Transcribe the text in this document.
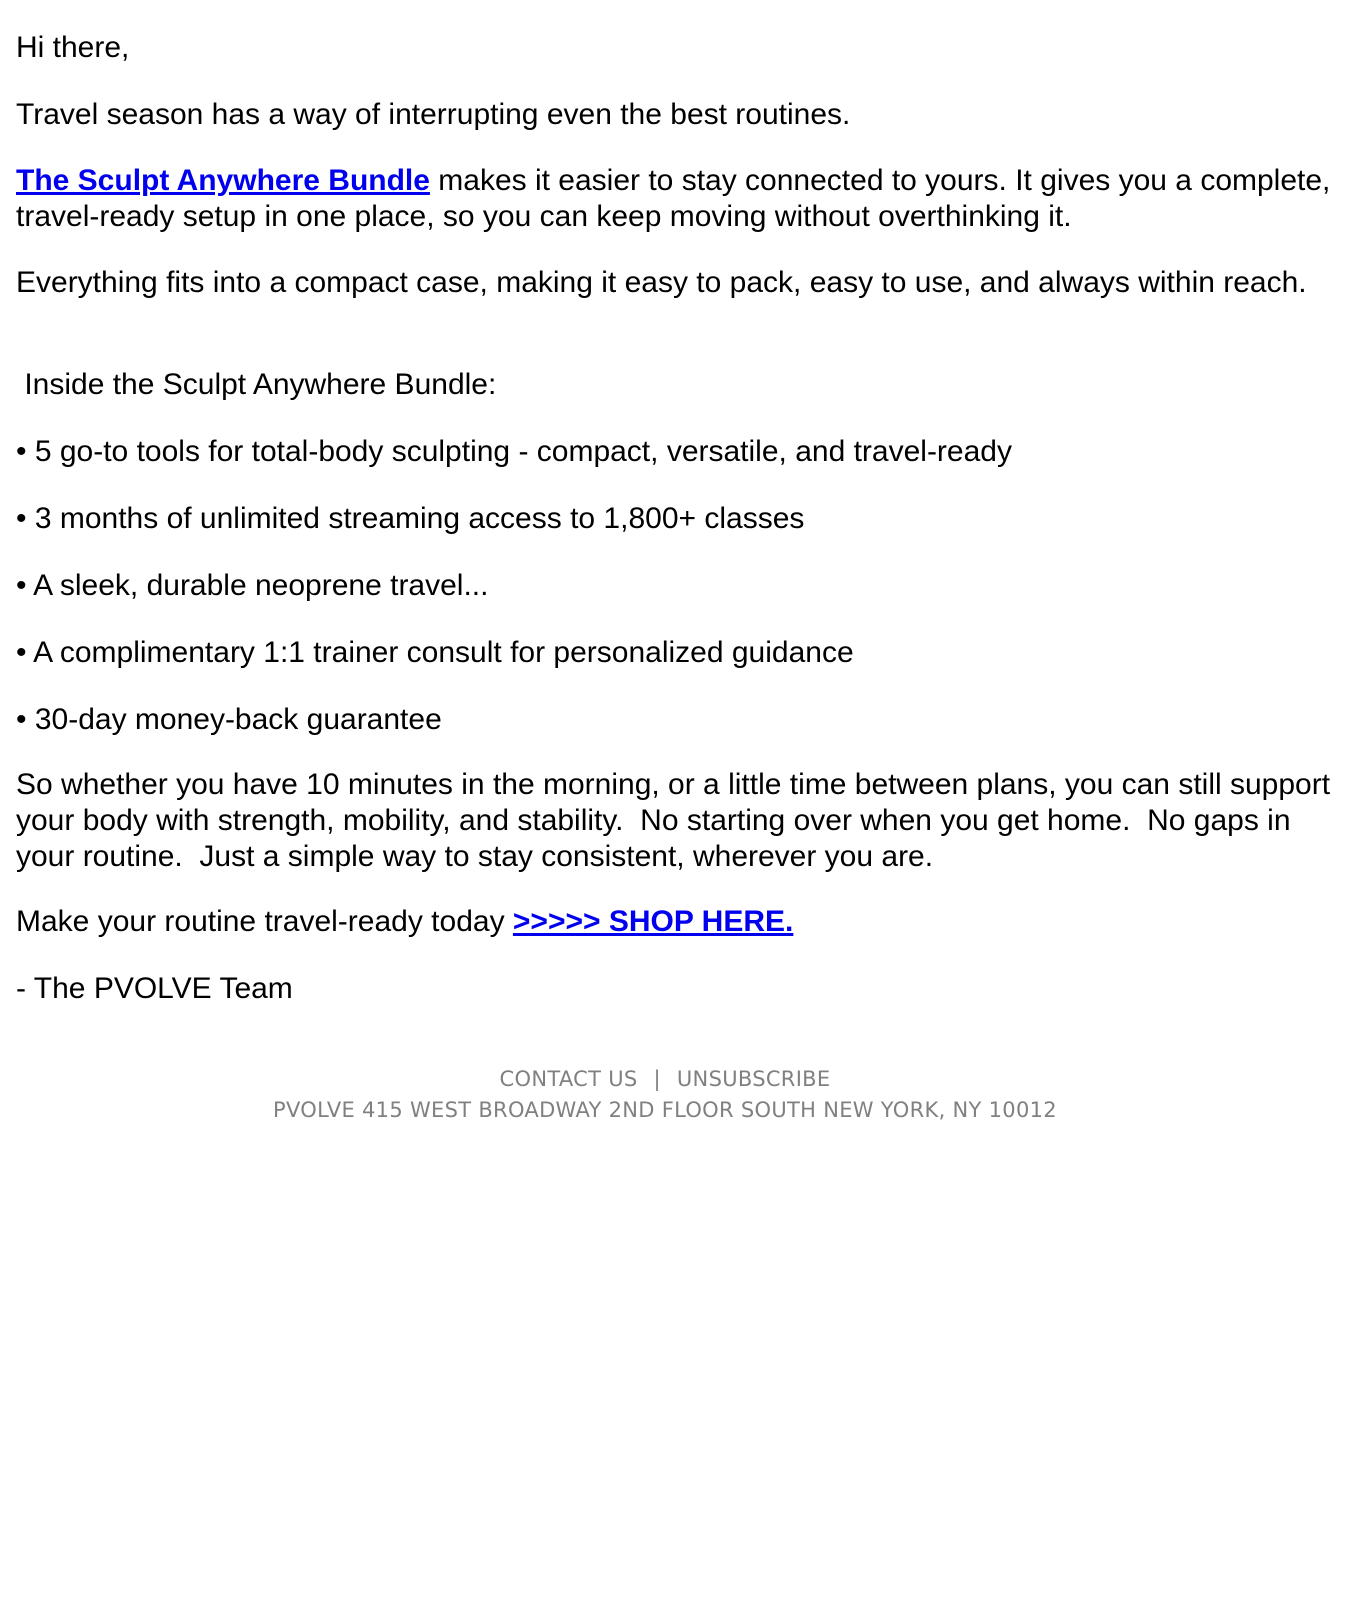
Hi there,

Travel season has a way of interrupting even the best routines.

The Sculpt Anywhere Bundle makes it easier to stay connected to yours. It gives you a complete, travel-ready setup in one place, so you can keep moving without overthinking it.

Everything fits into a compact case, making it easy to pack, easy to use, and always within reach.

Inside the Sculpt Anywhere Bundle:

• 5 go-to tools for total-body sculpting - compact, versatile, and travel-ready
• 3 months of unlimited streaming access to 1,800+ classes
• A sleek, durable neoprene travel...
• A complimentary 1:1 trainer consult for personalized guidance
• 30-day money-back guarantee

So whether you have 10 minutes in the morning, or a little time between plans, you can still support your body with strength, mobility, and stability.  No starting over when you get home.  No gaps in your routine.  Just a simple way to stay consistent, wherever you are.

Make your routine travel-ready today >>>>> SHOP HERE.

- The PVOLVE Team

CONTACT US | UNSUBSCRIBE
PVOLVE 415 WEST BROADWAY 2ND FLOOR SOUTH NEW YORK, NY 10012
